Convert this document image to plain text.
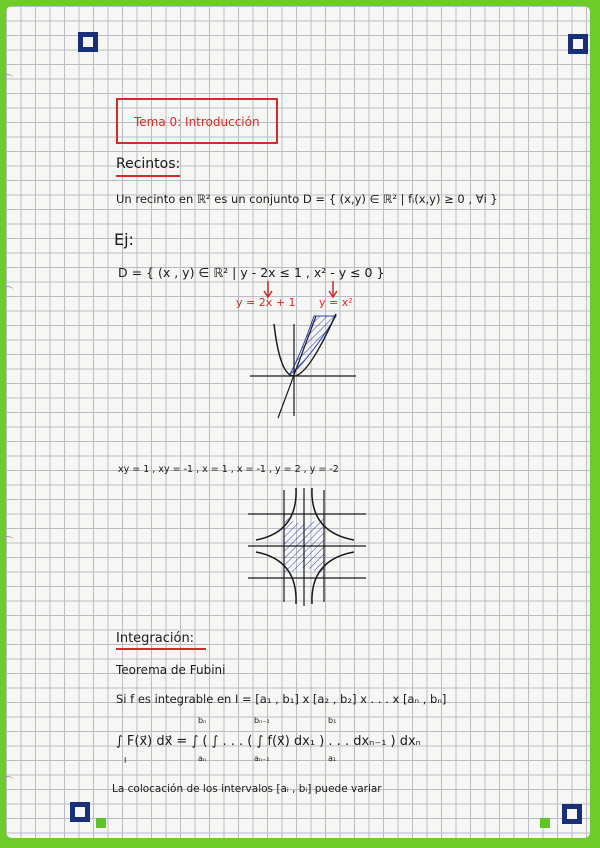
Tema 0: Introducción
Recintos:
Un recinto en ℝ² es un conjunto D = { (x,y) ∈ ℝ² | fᵢ(x,y) ≥ 0 , ∀i }
Ej:
D = { (x , y) ∈ ℝ² | y - 2x ≤ 1 , x² - y ≤ 0 }
y = 2x + 1 y = x²
xy = 1 , xy = -1 , x = 1 , x = -1 , y = 2 , y = -2
Integración:
Teorema de Fubini
Si f es integrable en I = [a₁ , b₁] x [a₂ , b₂] x . . . x [aₙ , bₙ]
∫ F(x⃗) dx⃗ = ∫ ( ∫ . . . ( ∫ f(x⃗) dx₁ ) . . . dxₙ₋₁ ) dxₙ
I
bₙ
aₙ
bₙ₋₁
aₙ₋₁
b₁
a₁
La colocación de los intervalos [aᵢ , bᵢ] puede variar
